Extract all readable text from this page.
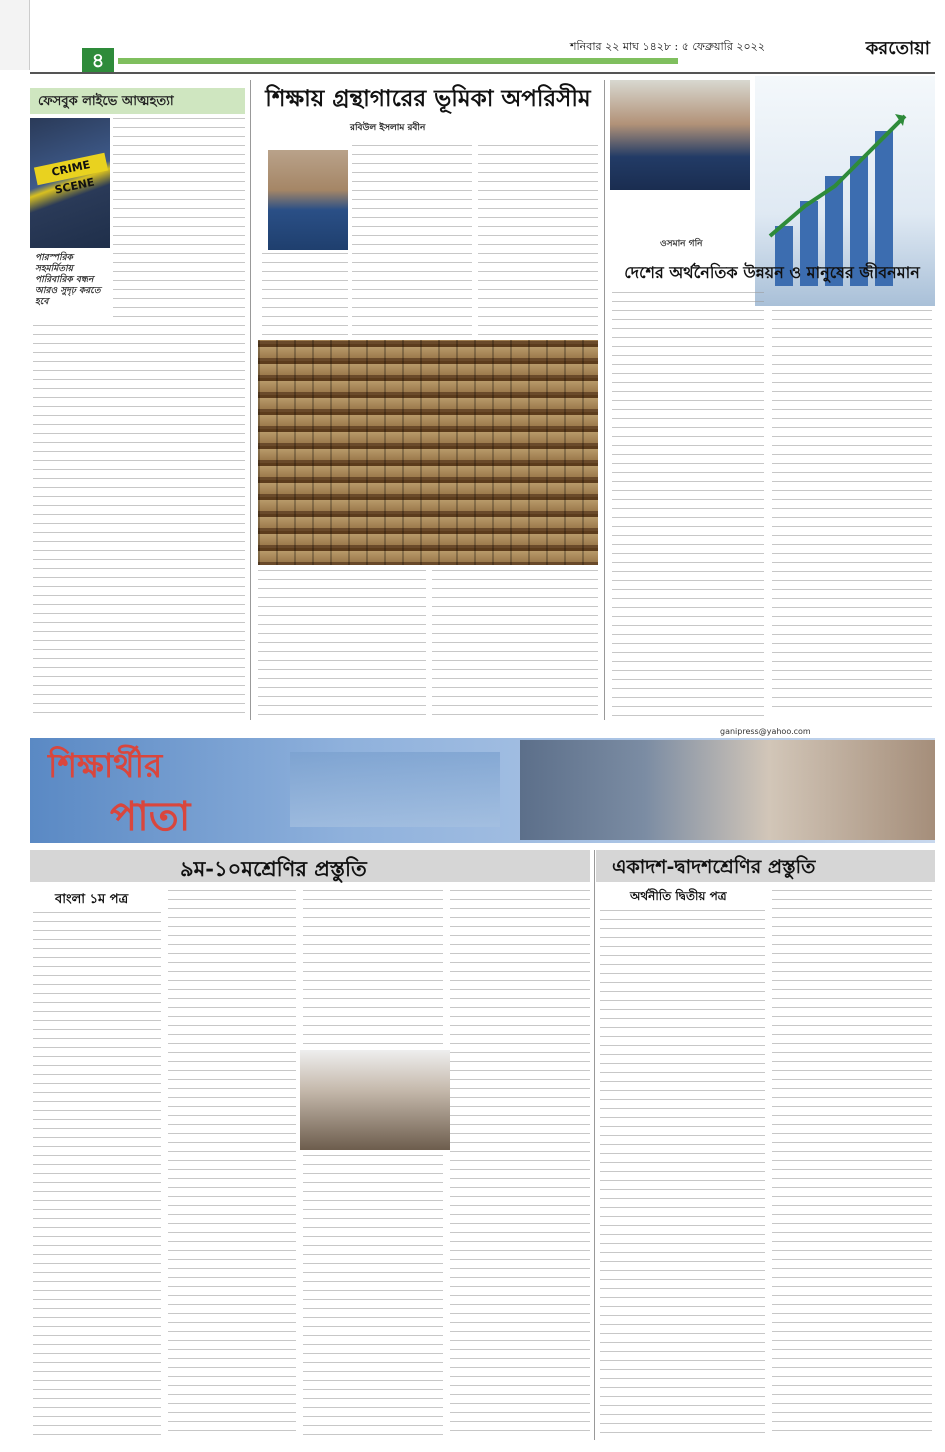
৪
শনিবার ২২ মাঘ ১৪২৮ : ৫ ফেব্রুয়ারি ২০২২	করতোয়া
ফেসবুক লাইভে আত্মহত্যা
CRIME SCENE
পারস্পরিক সহমর্মিতায় পারিবারিক বন্ধন আরও সুদৃঢ় করতে হবে
শিক্ষায় গ্রন্থাগারের ভূমিকা অপরিসীম
রবিউল ইসলাম রবীন
ওসমান গনি
দেশের অর্থনৈতিক উন্নয়ন ও মানুষের জীবনমান
ganipress@yahoo.com
শিক্ষার্থীর
পাতা
৯ম-১০মশ্রেণির প্রস্তুতি	একাদশ-দ্বাদশশ্রেণির প্রস্তুতি
বাংলা ১ম পত্র	অর্থনীতি দ্বিতীয় পত্র
